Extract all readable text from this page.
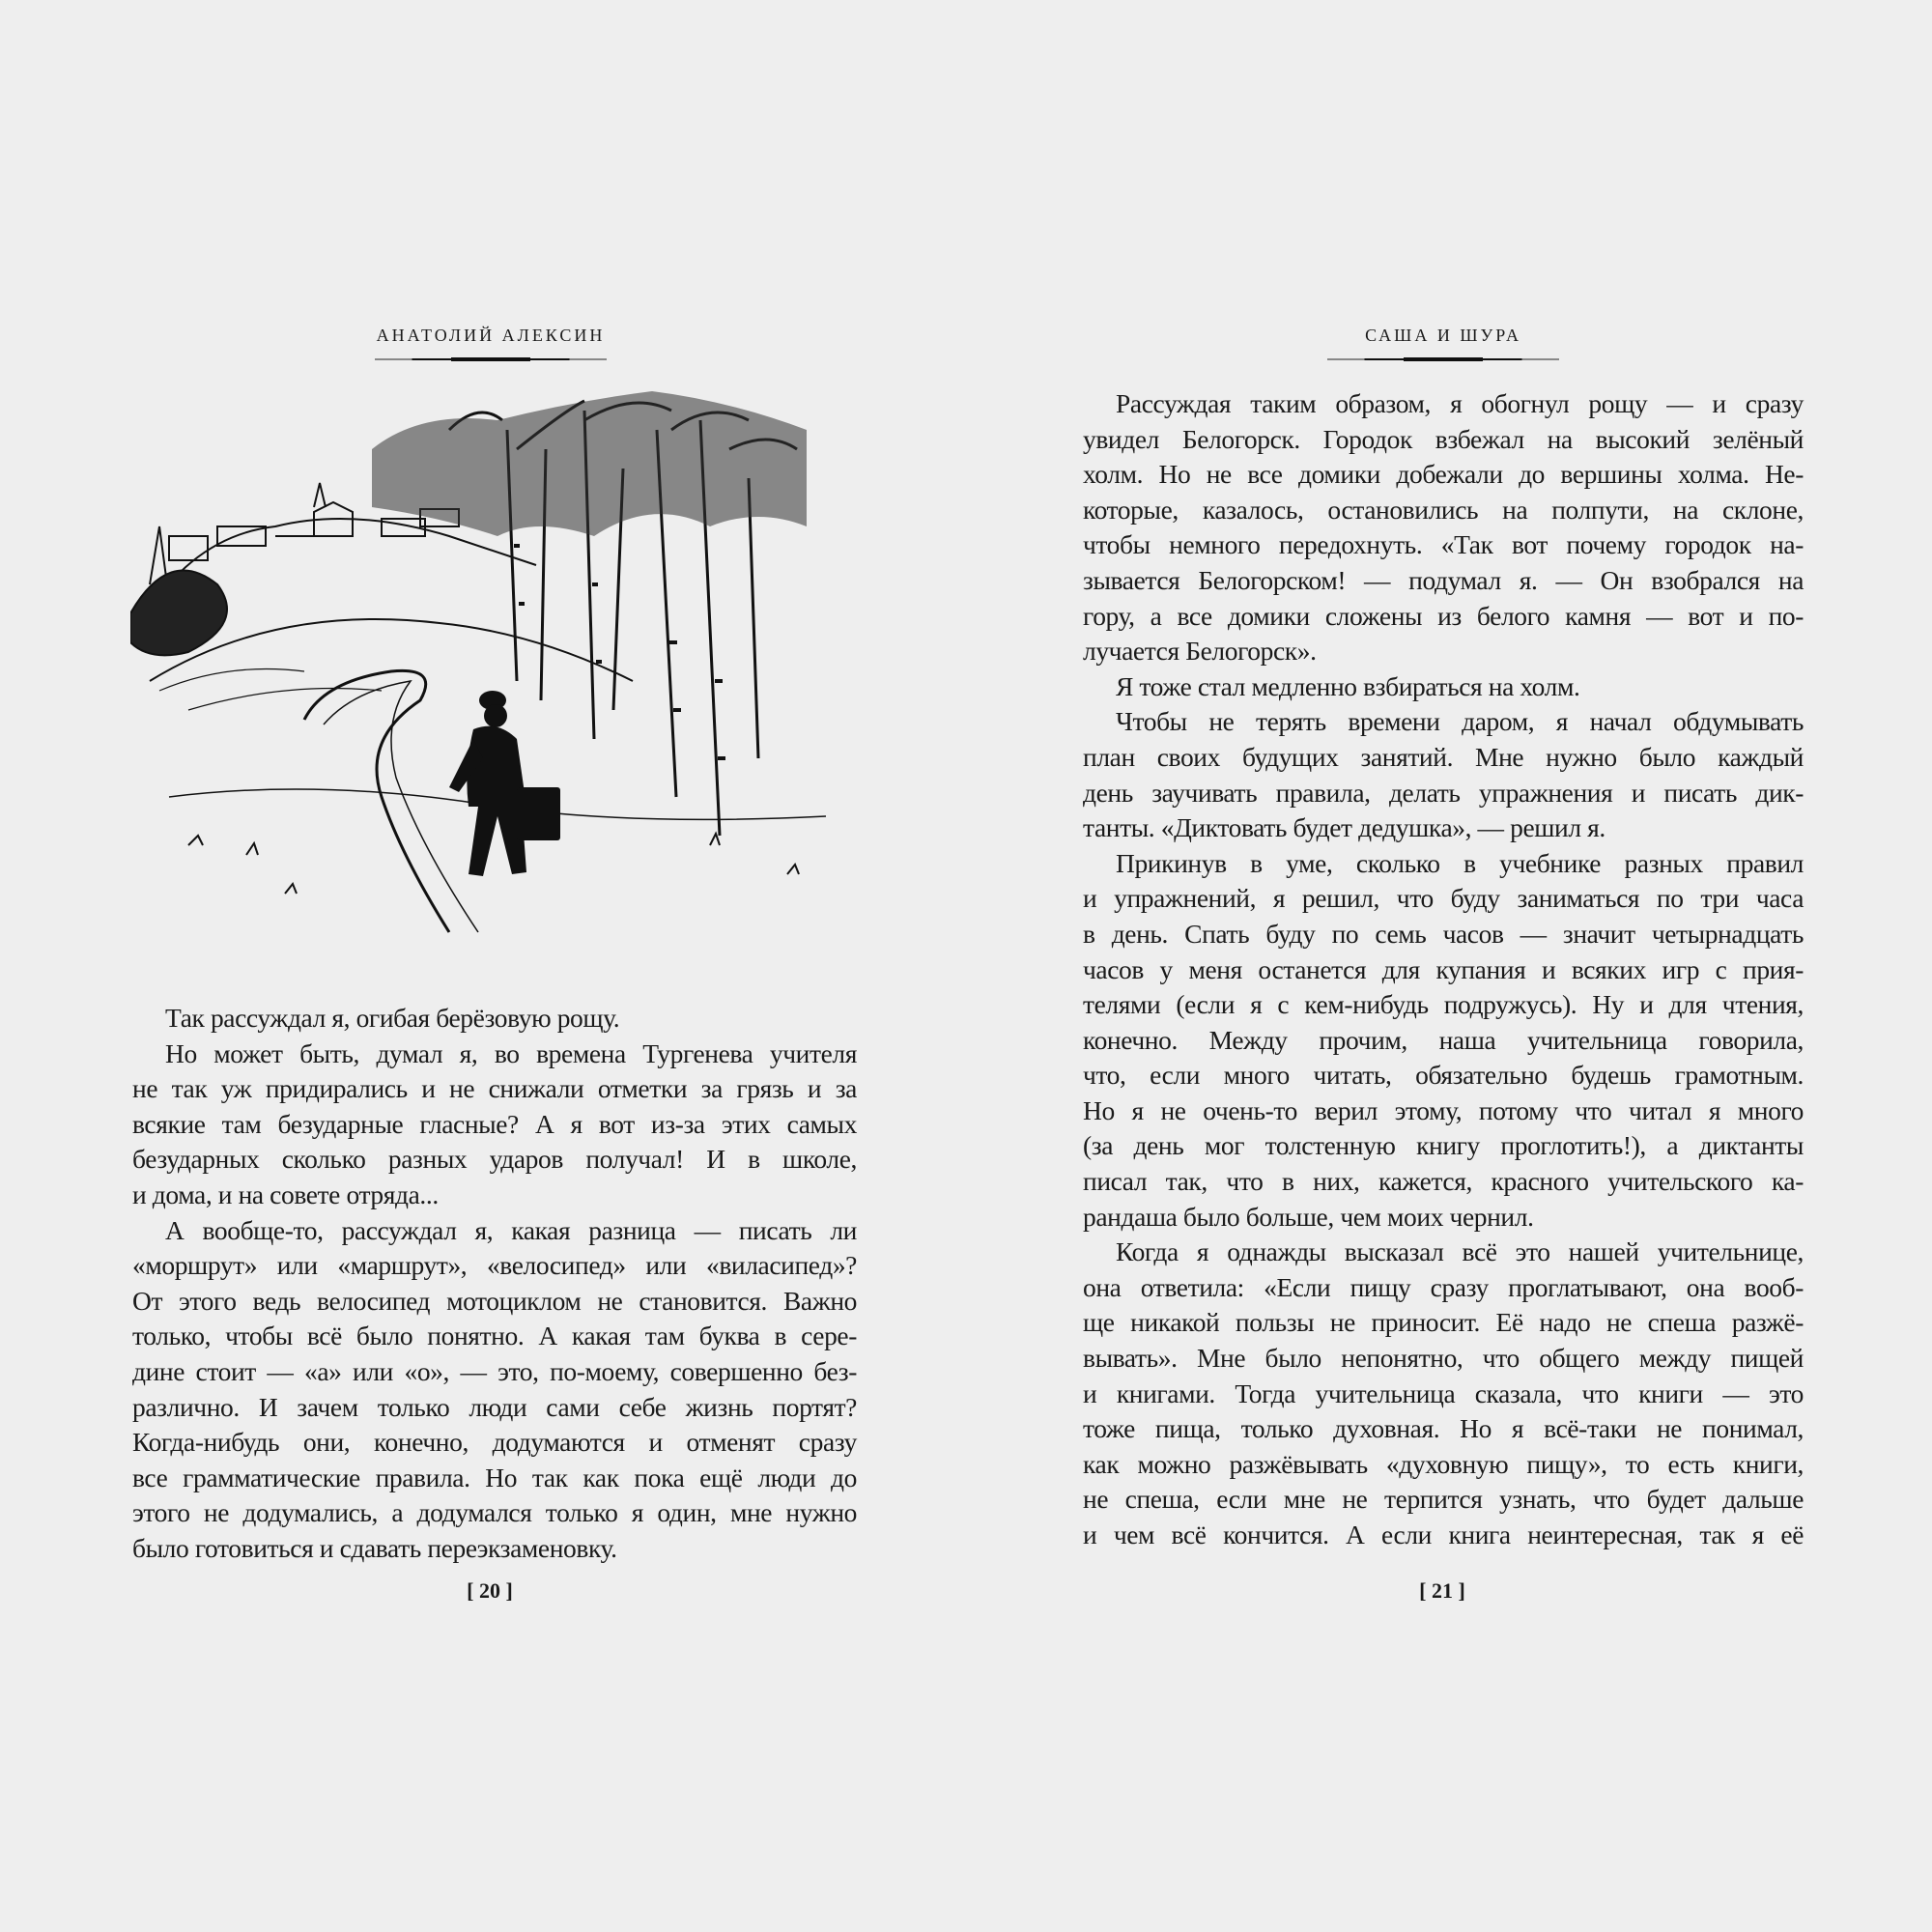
АНАТОЛИЙ АЛЕКСИН
Так рассуждал я, огибая берёзовую рощу.
Но может быть, думал я, во времена Тургенева учителя
не так уж придирались и не снижали отметки за грязь и за
всякие там безударные гласные? А я вот из-за этих самых
безударных сколько разных ударов получал! И в школе,
и дома, и на совете отряда...
А вообще-то, рассуждал я, какая разница — писать ли
«моршрут» или «маршрут», «велосипед» или «виласипед»?
От этого ведь велосипед мотоциклом не становится. Важно
только, чтобы всё было понятно. А какая там буква в сере-
дине стоит — «а» или «о», — это, по-моему, совершенно без-
различно. И зачем только люди сами себе жизнь портят?
Когда-нибудь они, конечно, додумаются и отменят сразу
все грамматические правила. Но так как пока ещё люди до
этого не додумались, а додумался только я один, мне нужно
было готовиться и сдавать переэкзаменовку.
[ 20 ]
САША И ШУРА
Рассуждая таким образом, я обогнул рощу — и сразу
увидел Белогорск. Городок взбежал на высокий зелёный
холм. Но не все домики добежали до вершины холма. Не-
которые, казалось, остановились на полпути, на склоне,
чтобы немного передохнуть. «Так вот почему городок на-
зывается Белогорском! — подумал я. — Он взобрался на
гору, а все домики сложены из белого камня — вот и по-
лучается Белогорск».
Я тоже стал медленно взбираться на холм.
Чтобы не терять времени даром, я начал обдумывать
план своих будущих занятий. Мне нужно было каждый
день заучивать правила, делать упражнения и писать дик-
танты. «Диктовать будет дедушка», — решил я.
Прикинув в уме, сколько в учебнике разных правил
и упражнений, я решил, что буду заниматься по три часа
в день. Спать буду по семь часов — значит четырнадцать
часов у меня останется для купания и всяких игр с прия-
телями (если я с кем-нибудь подружусь). Ну и для чтения,
конечно. Между прочим, наша учительница говорила,
что, если много читать, обязательно будешь грамотным.
Но я не очень-то верил этому, потому что читал я много
(за день мог толстенную книгу проглотить!), а диктанты
писал так, что в них, кажется, красного учительского ка-
рандаша было больше, чем моих чернил.
Когда я однажды высказал всё это нашей учительнице,
она ответила: «Если пищу сразу проглатывают, она вооб-
ще никакой пользы не приносит. Её надо не спеша разжё-
вывать». Мне было непонятно, что общего между пищей
и книгами. Тогда учительница сказала, что книги — это
тоже пища, только духовная. Но я всё-таки не понимал,
как можно разжёвывать «духовную пищу», то есть книги,
не спеша, если мне не терпится узнать, что будет дальше
и чем всё кончится. А если книга неинтересная, так я её
[ 21 ]
